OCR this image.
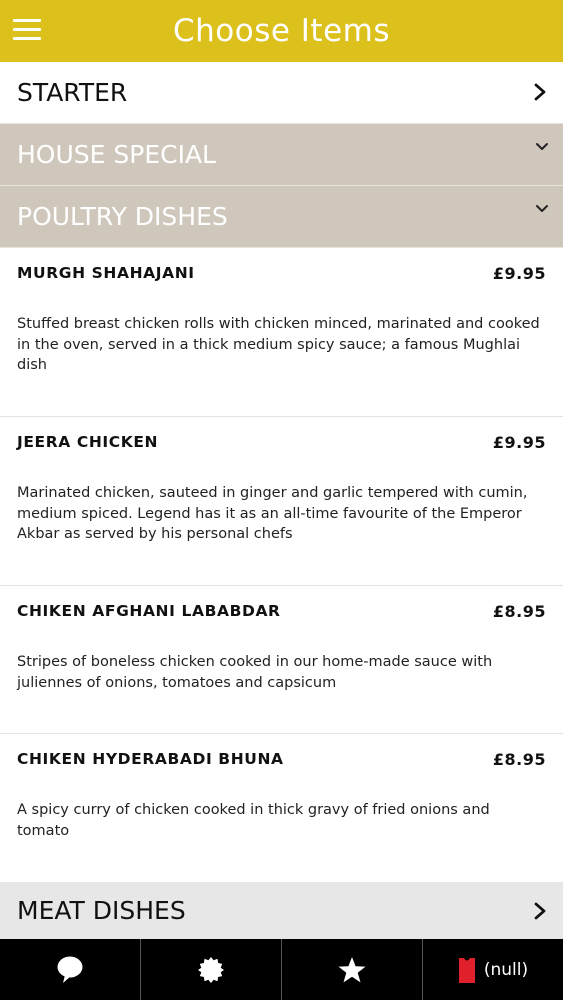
Choose Items
STARTER
HOUSE SPECIAL
POULTRY DISHES
MURGH SHAHAJANI	£9.95
Stuffed breast chicken rolls with chicken minced, marinated and cooked in the oven, served in a thick medium spicy sauce; a famous Mughlai dish
JEERA CHICKEN	£9.95
Marinated chicken, sauteed in ginger and garlic tempered with cumin, medium spiced. Legend has it as an all-time favourite of the Emperor Akbar as served by his personal chefs
CHIKEN AFGHANI LABABDAR	£8.95
Stripes of boneless chicken cooked in our home-made sauce with juliennes of onions, tomatoes and capsicum
CHIKEN HYDERABADI BHUNA	£8.95
A spicy curry of chicken cooked in thick gravy of fried onions and tomato
MEAT DISHES
(null)
